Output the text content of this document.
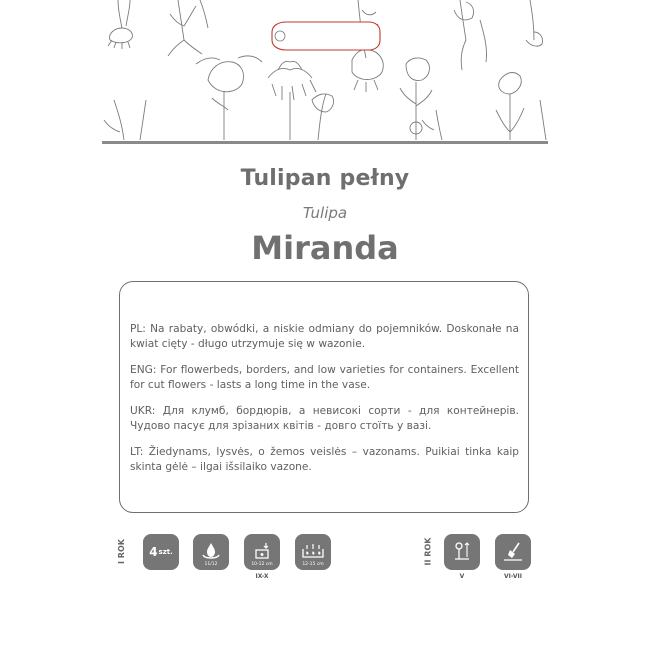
Tulipan pełny
Tulipa
Miranda

PL: Na rabaty, obwódki, a niskie odmiany do pojemników. Doskonałe na kwiat cięty - długo utrzymuje się w wazonie.

ENG: For flowerbeds, borders, and low varieties for containers. Excellent for cut flowers - lasts a long time in the vase.

UKR: Для клумб, бордюрів, а невисокі сорти - для контейнерів. Чудово пасує для зрізаних квітів - довго стоїть у вазі.

LT: Žiedynams, lysvės, o žemos veislės – vazonams. Puikiai tinka kaip skinta gėlė – ilgai išsilaiko vazone.

I ROK 4 szt.
11/12	10-12 cm
IX-X
12-15 cm	II ROK
V	VI-VII
